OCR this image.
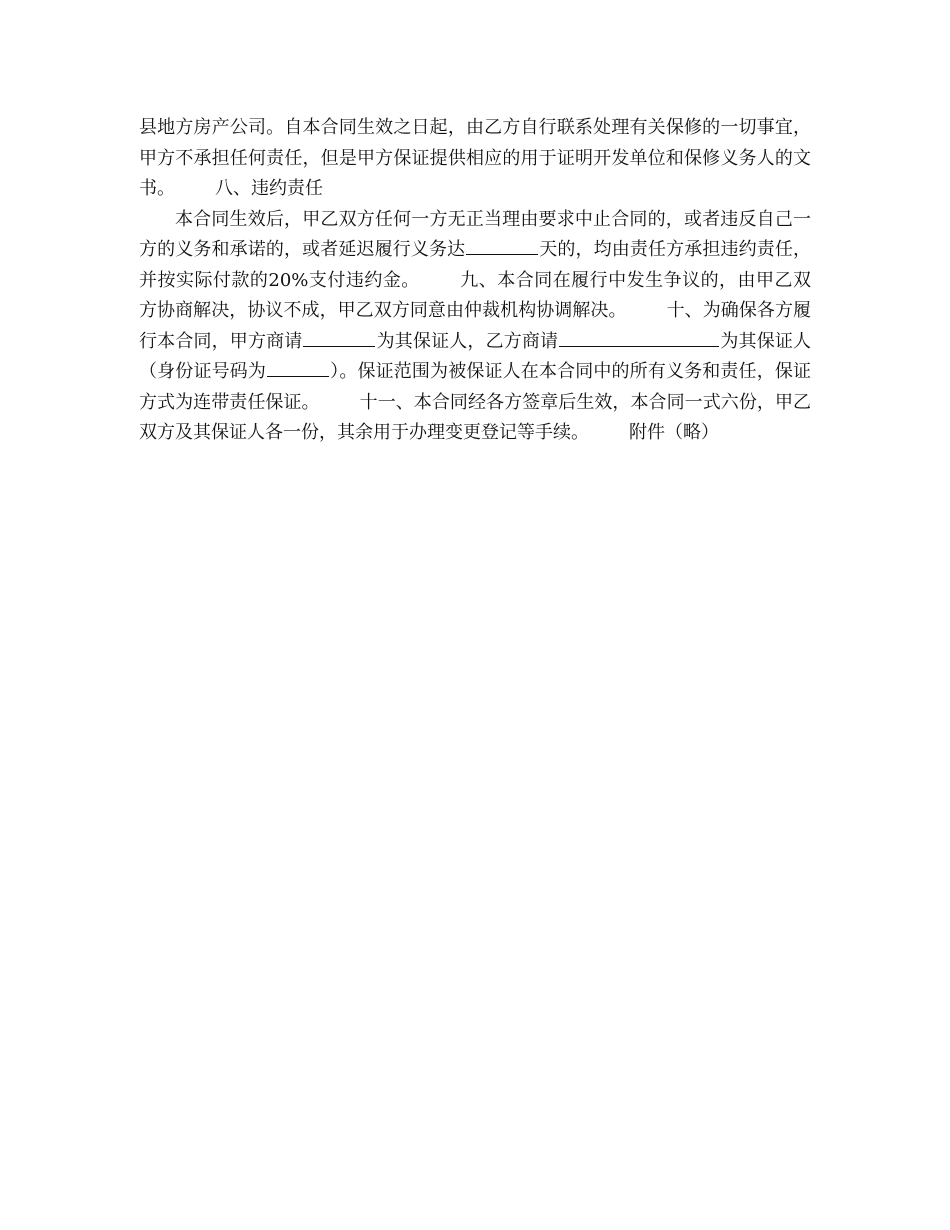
县地方房产公司。自本合同生效之日起，由乙方自行联系处理有关保修的一切事宜，甲方不承担任何责任，但是甲方保证提供相应的用于证明开发单位和保修义务人的文书。 八、违约责任

本合同生效后，甲乙双方任何一方无正当理由要求中止合同的，或者违反自己一方的义务和承诺的，或者延迟履行义务达	天的，均由责任方承担违约责任，并按实际付款的20%支付违约金。 九、本合同在履行中发生争议的，由甲乙双方协商解决，协议不成，甲乙双方同意由仲裁机构协调解决。 十、为确保各方履行本合同，甲方商请	为其保证人，乙方商请	为其保证人（身份证号码为	）。保证范围为被保证人在本合同中的所有义务和责任，保证方式为连带责任保证。 十一、本合同经各方签章后生效，本合同一式六份，甲乙双方及其保证人各一份，其余用于办理变更登记等手续。 附件（略）
